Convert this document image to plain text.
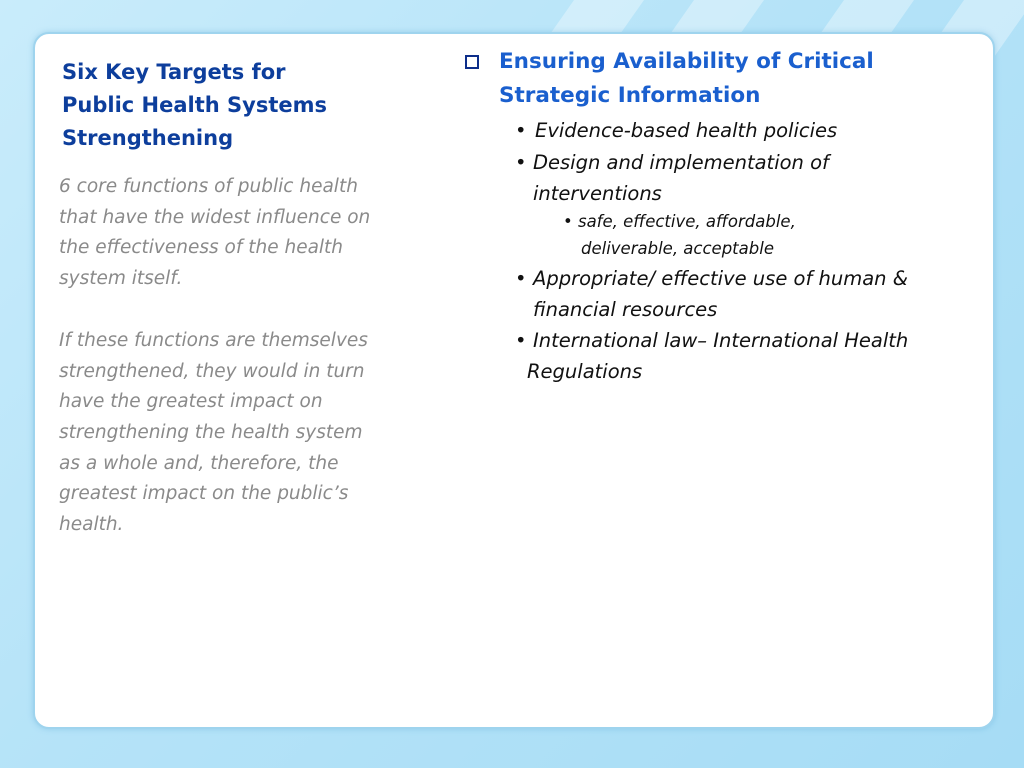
Six Key Targets for
Public Health Systems
Strengthening

6 core functions of public health
that have the widest influence on
the effectiveness of the health
system itself.

If these functions are themselves
strengthened, they would in turn
have the greatest impact on
strengthening the health system
as a whole and, therefore, the
greatest impact on the public’s
health.

Ensuring Availability of Critical
Strategic Information
• Evidence-based health policies
• Design and implementation of
interventions
• safe, effective, affordable,
deliverable, acceptable
• Appropriate/ effective use of human &
financial resources
• International law– International Health
Regulations
